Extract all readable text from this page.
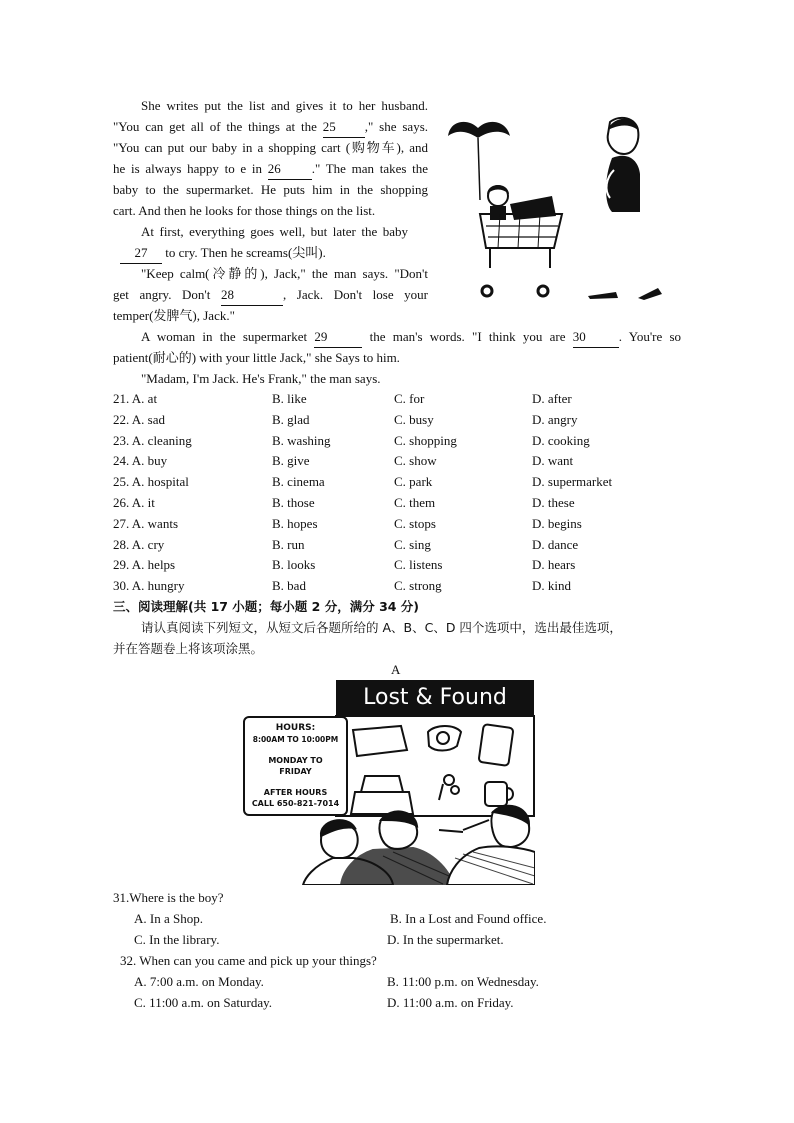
She writes put the list and gives it to her husband.
"You can get all of the things at the 25 ," she says.
"You can put our baby in a shopping cart (购物车), and
he is always happy to e in 26 ." The man takes the
baby to the supermarket. He puts him in the shopping
cart. And then he looks for those things on the list.
At first, everything goes well, but later the baby
27 to cry. Then he screams(尖叫).
"Keep calm(冷静的), Jack," the man says. "Don't
get angry. Don't 28	, Jack. Don't lose your
temper(发脾气), Jack."
A woman in the supermarket 29	the man's words. "I think you are 30	. You're so
patient(耐心的) with your little Jack," she Says to him.
"Madam, I'm Jack. He's Frank," the man says.
21. A. at	B. like	C. for	D. after
22. A. sad	B. glad	C. busy	D. angry
23. A. cleaning	B. washing	C. shopping	D. cooking
24. A. buy	B. give	C. show	D. want
25. A. hospital	B. cinema	C. park	D. supermarket
26. A. it	B. those	C. them	D. these
27. A. wants	B. hopes	C. stops	D. begins
28. A. cry	B. run	C. sing	D. dance
29. A. helps	B. looks	C. listens	D. hears
30. A. hungry	B. bad	C. strong	D. kind
三、阅读理解(共 17 小题；每小题 2 分，满分 34 分)
请认真阅读下列短文，从短文后各题所给的 A、B、C、D 四个选项中，选出最佳选项，
并在答题卷上将该项涂黑。
A
Lost & Found
HOURS:
8:00AM TO 10:00PM
MONDAY TO FRIDAY
AFTER HOURS
CALL 650-821-7014
31.Where is the boy?
A. In a Shop.	B. In a Lost and Found office.
C. In the library.	D. In the supermarket.
32. When can you came and pick up your things?
A. 7:00 a.m. on Monday.	B. 11:00 p.m. on Wednesday.
C. 11:00 a.m. on Saturday.	D. 11:00 a.m. on Friday.
